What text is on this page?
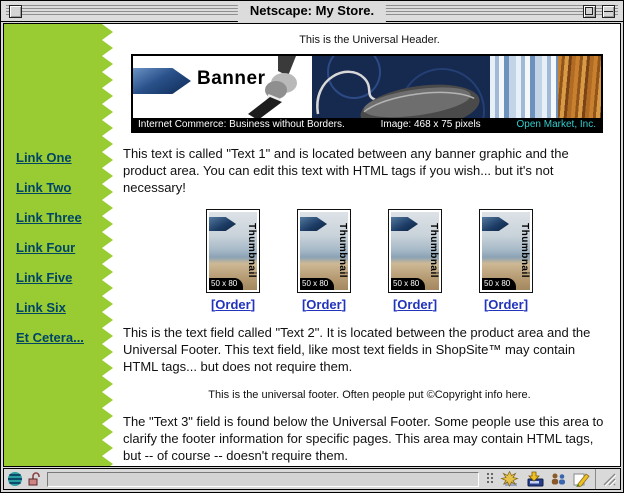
Netscape: My Store.
Link One
Link Two
Link Three
Link Four
Link Five
Link Six
Et Cetera...
This is the Universal Header.
Banner
Internet Commerce: Business without Borders.	Image: 468 x 75 pixels	Open Market, Inc.

This text is called "Text 1" and is located between any banner graphic and the product area. You can edit this text with HTML tags if you wish... but it's not necessary!

Thumbnail
50 x 80
[Order]
Thumbnail
50 x 80
[Order]
Thumbnail
50 x 80
[Order]
Thumbnail
50 x 80
[Order]

This is the text field called "Text 2". It is located between the product area and the Universal Footer. This text field, like most text fields in ShopSite™ may contain HTML tags... but does not require them.

This is the universal footer. Often people put ©Copyright info here.

The "Text 3" field is found below the Universal Footer. Some people use this area to clarify the footer information for specific pages. This area may contain HTML tags, but -- of course -- doesn't require them.
